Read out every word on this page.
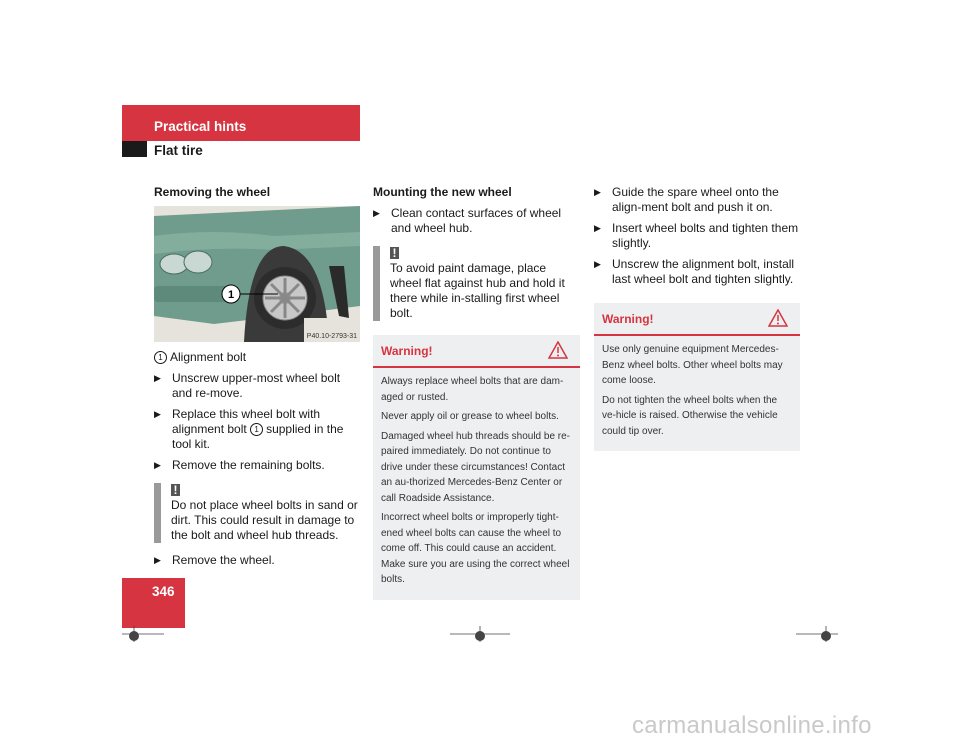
Practical hints
Flat tire
Removing the wheel
1
P40.10-2793-31
1 Alignment bolt
▶ Unscrew upper-most wheel bolt and re-move.
▶ Replace this wheel bolt with alignment bolt 1 supplied in the tool kit.
▶ Remove the remaining bolts.
!
Do not place wheel bolts in sand or dirt. This could result in damage to the bolt and wheel hub threads.
▶ Remove the wheel.
Mounting the new wheel
▶ Clean contact surfaces of wheel and wheel hub.
!
To avoid paint damage, place wheel flat against hub and hold it there while in-stalling first wheel bolt.
Warning!

Always replace wheel bolts that are dam-aged or rusted.

Never apply oil or grease to wheel bolts.

Damaged wheel hub threads should be re-paired immediately. Do not continue to drive under these circumstances! Contact an au-thorized Mercedes-Benz Center or call Roadside Assistance.

Incorrect wheel bolts or improperly tight-ened wheel bolts can cause the wheel to come off. This could cause an accident. Make sure you are using the correct wheel bolts.

▶ Guide the spare wheel onto the align-ment bolt and push it on.
▶ Insert wheel bolts and tighten them slightly.
▶ Unscrew the alignment bolt, install last wheel bolt and tighten slightly.
Warning!

Use only genuine equipment Mercedes-Benz wheel bolts. Other wheel bolts may come loose.

Do not tighten the wheel bolts when the ve-hicle is raised. Otherwise the vehicle could tip over.

346
carmanualsonline.info
